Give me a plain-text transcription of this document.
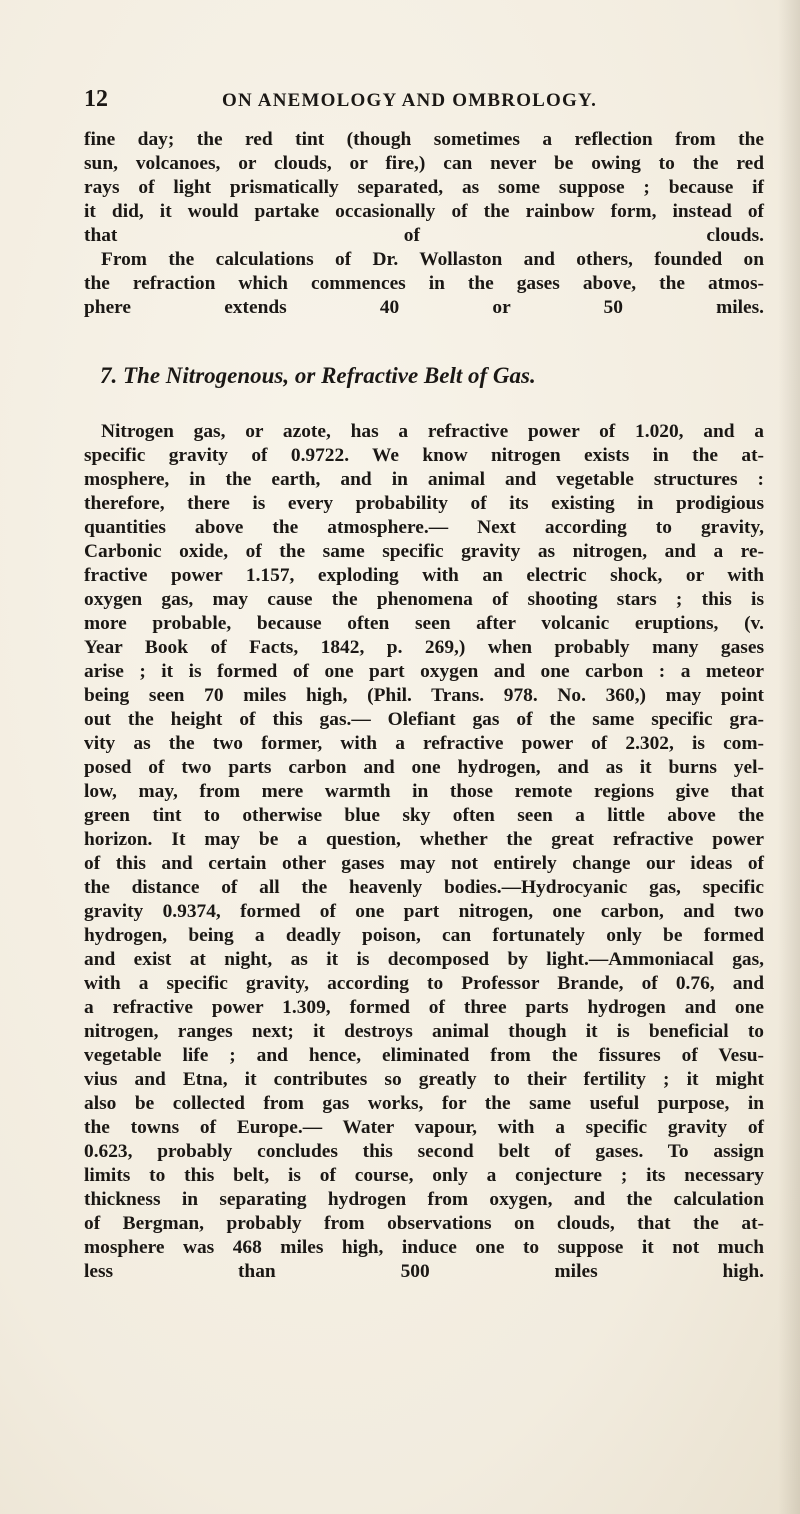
12	ON ANEMOLOGY AND OMBROLOGY.
fine day; the red tint (though sometimes a reflection from the
sun, volcanoes, or clouds, or fire,) can never be owing to the red
rays of light prismatically separated, as some suppose ; because if
it did, it would partake occasionally of the rainbow form, instead of
that of clouds.
From the calculations of Dr. Wollaston and others, founded on
the refraction which commences in the gases above, the atmos-
phere extends 40 or 50 miles.
7. The Nitrogenous, or Refractive Belt of Gas.
Nitrogen gas, or azote, has a refractive power of 1.020, and a
specific gravity of 0.9722. We know nitrogen exists in the at-
mosphere, in the earth, and in animal and vegetable structures :
therefore, there is every probability of its existing in prodigious
quantities above the atmosphere.— Next according to gravity,
Carbonic oxide, of the same specific gravity as nitrogen, and a re-
fractive power 1.157, exploding with an electric shock, or with
oxygen gas, may cause the phenomena of shooting stars ; this is
more probable, because often seen after volcanic eruptions, (v.
Year Book of Facts, 1842, p. 269,) when probably many gases
arise ; it is formed of one part oxygen and one carbon : a meteor
being seen 70 miles high, (Phil. Trans. 978. No. 360,) may point
out the height of this gas.— Olefiant gas of the same specific gra-
vity as the two former, with a refractive power of 2.302, is com-
posed of two parts carbon and one hydrogen, and as it burns yel-
low, may, from mere warmth in those remote regions give that
green tint to otherwise blue sky often seen a little above the
horizon. It may be a question, whether the great refractive power
of this and certain other gases may not entirely change our ideas of
the distance of all the heavenly bodies.—Hydrocyanic gas, specific
gravity 0.9374, formed of one part nitrogen, one carbon, and two
hydrogen, being a deadly poison, can fortunately only be formed
and exist at night, as it is decomposed by light.—Ammoniacal gas,
with a specific gravity, according to Professor Brande, of 0.76, and
a refractive power 1.309, formed of three parts hydrogen and one
nitrogen, ranges next; it destroys animal though it is beneficial to
vegetable life ; and hence, eliminated from the fissures of Vesu-
vius and Etna, it contributes so greatly to their fertility ; it might
also be collected from gas works, for the same useful purpose, in
the towns of Europe.— Water vapour, with a specific gravity of
0.623, probably concludes this second belt of gases. To assign
limits to this belt, is of course, only a conjecture ; its necessary
thickness in separating hydrogen from oxygen, and the calculation
of Bergman, probably from observations on clouds, that the at-
mosphere was 468 miles high, induce one to suppose it not much
less than 500 miles high.
